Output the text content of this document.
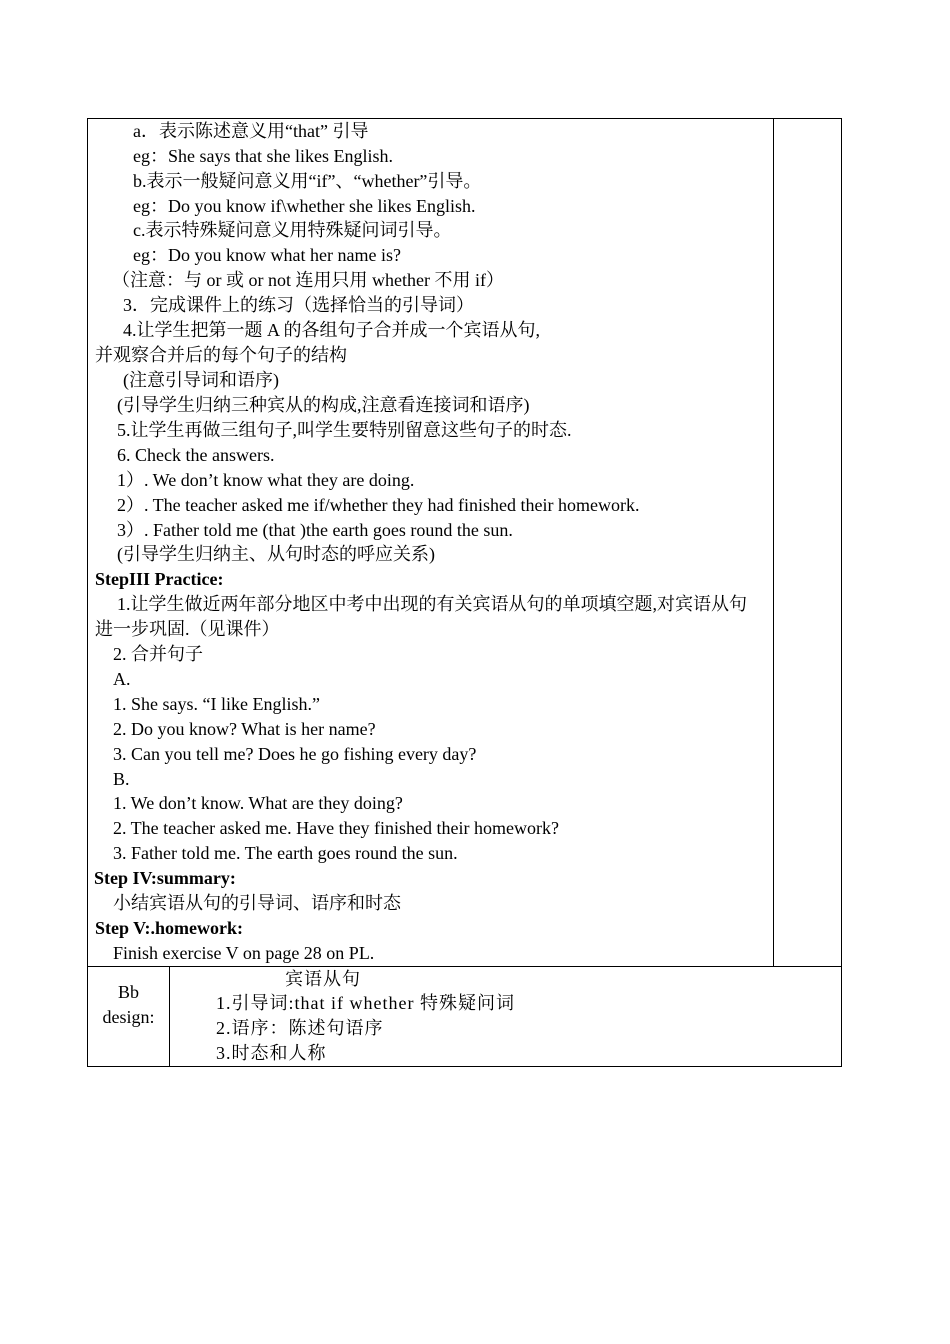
a．表示陈述意义用“that” 引导
eg：She says that she likes English.
b.表示一般疑问意义用“if”、“whether”引导。
eg：Do you know if\whether she likes English.
c.表示特殊疑问意义用特殊疑问词引导。
eg：Do you know what her name is?
（注意：与 or 或 or not 连用只用 whether 不用 if）
3．完成课件上的练习（选择恰当的引导词）
4.让学生把第一题 A 的各组句子合并成一个宾语从句,
并观察合并后的每个句子的结构
(注意引导词和语序)
(引导学生归纳三种宾从的构成,注意看连接词和语序)
5.让学生再做三组句子,叫学生要特别留意这些句子的时态.
6. Check the answers.
1）. We don’t know what they are doing.
2）. The teacher asked me if/whether they had finished their homework.
3）. Father told me (that )the earth goes round the sun.
(引导学生归纳主、从句时态的呼应关系)
StepIII Practice:
1.让学生做近两年部分地区中考中出现的有关宾语从句的单项填空题,对宾语从句
进一步巩固.（见课件）
2. 合并句子
A.
1. She says. “I like English.”
2. Do you know? What is her name?
3. Can you tell me? Does he go fishing every day?
B.
1. We don’t know. What are they doing?
2. The teacher asked me. Have they finished their homework?
3. Father told me. The earth goes round the sun.
Step IV:summary:
小结宾语从句的引导词、语序和时态
Step V:.homework:
Finish exercise V on page 28 on PL.
Bb
design:
宾语从句
1.引导词:that if whether 特殊疑问词
2.语序：陈述句语序
3.时态和人称
